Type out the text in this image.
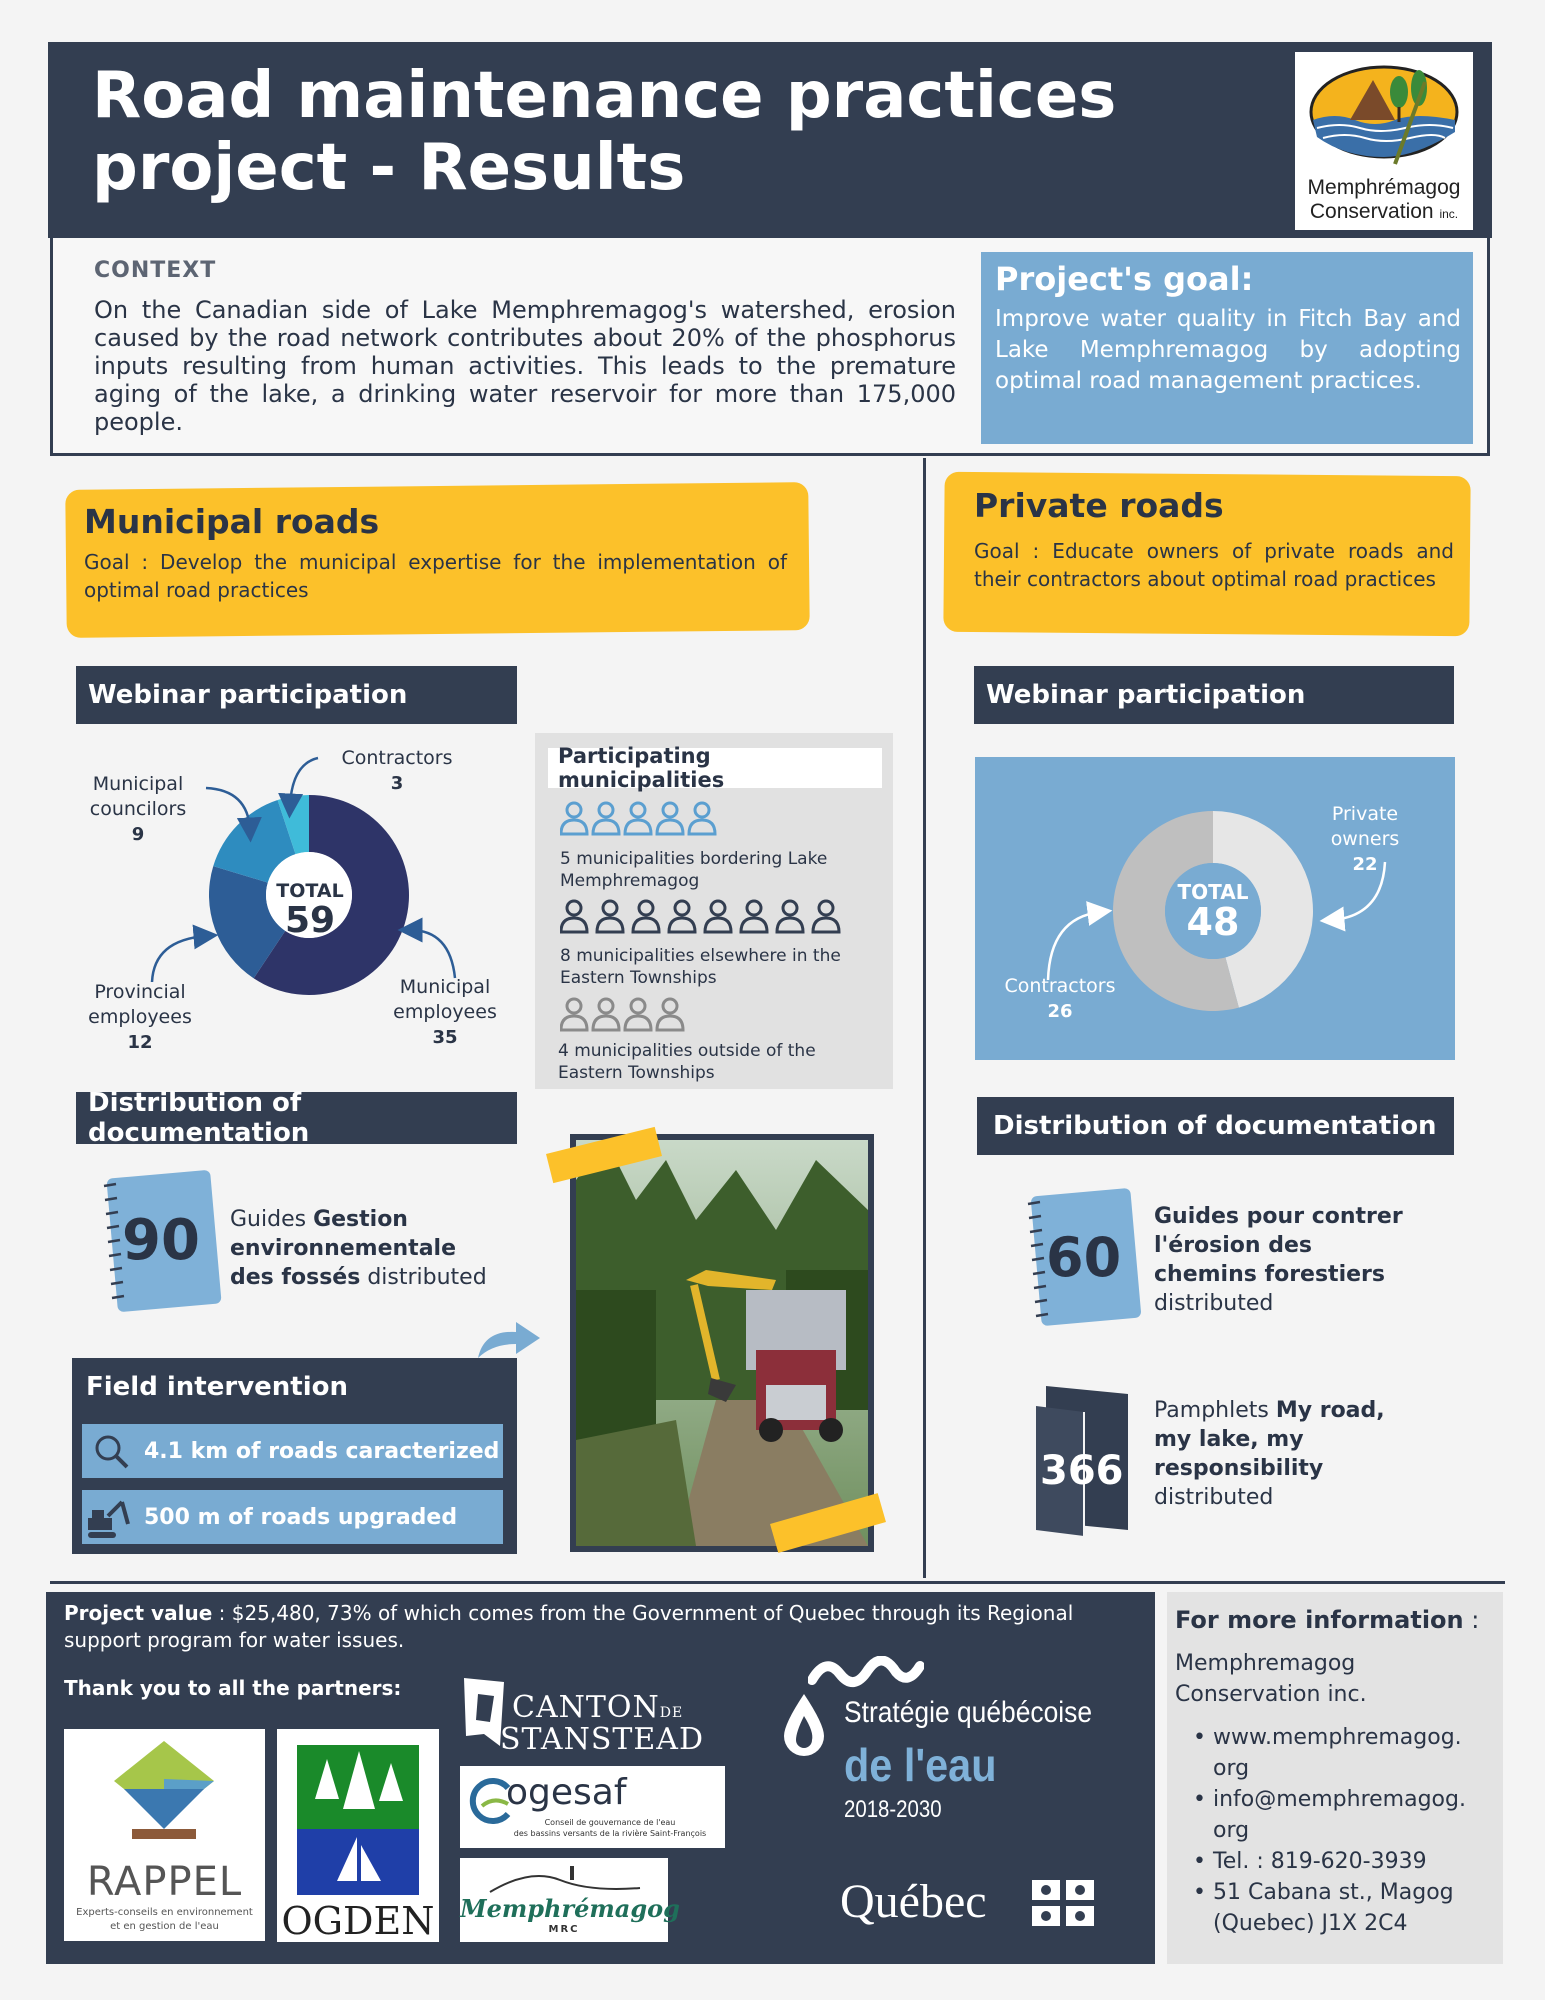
Road maintenance practices
project - Results	Memphrémagog
Conservation inc.
CONTEXT
On the Canadian side of Lake Memphremagog's watershed, erosion caused by the road network contributes about 20% of the phosphorus inputs resulting from human activities. This leads to the premature aging of the lake, a drinking water reservoir for more than 175,000 people.
Project's goal:
Improve water quality in Fitch Bay and Lake Memphremagog by adopting optimal road management practices.
Municipal roads
Goal : Develop the municipal expertise for the implementation of optimal road practices
Webinar participation
TOTAL
59
Contractors
3
Municipal
councilors
9
Provincial
employees
12
Municipal
employees
35
Participating municipalities
5 municipalities bordering Lake Memphremagog
8 municipalities elsewhere in the Eastern Townships
4 municipalities outside of the Eastern Townships
Distribution of documentation
90 Guides Gestion environnementale des fossés distributed
Field intervention
4.1 km of roads caracterized
500 m of roads upgraded
Private roads
Goal : Educate owners of private roads and their contractors about optimal road practices
Webinar participation
TOTAL
48
Private
owners
22
Contractors
26
Distribution of documentation
60
Guides pour contrer l'érosion des chemins forestiers
distributed
366
Pamphlets My road, my lake, my responsibility
distributed
Project value : $25,480, 73% of which comes from the Government of Quebec through its Regional support program for water issues.
Thank you to all the partners:
RAPPEL
Experts-conseils en environnement
et en gestion de l'eau	OGDEN
CANTONDE
STANSTEAD
ogesaf
Conseil de gouvernance de l'eau
des bassins versants de la rivière Saint-François
Memphrémagog
MRC
Stratégie québécoise
de l'eau
2018-2030
Québec
For more information :
Memphremagog
Conservation inc.
• www.memphremagog.
org
• info@memphremagog.
org
• Tel. : 819-620-3939
• 51 Cabana st., Magog
(Quebec) J1X 2C4
